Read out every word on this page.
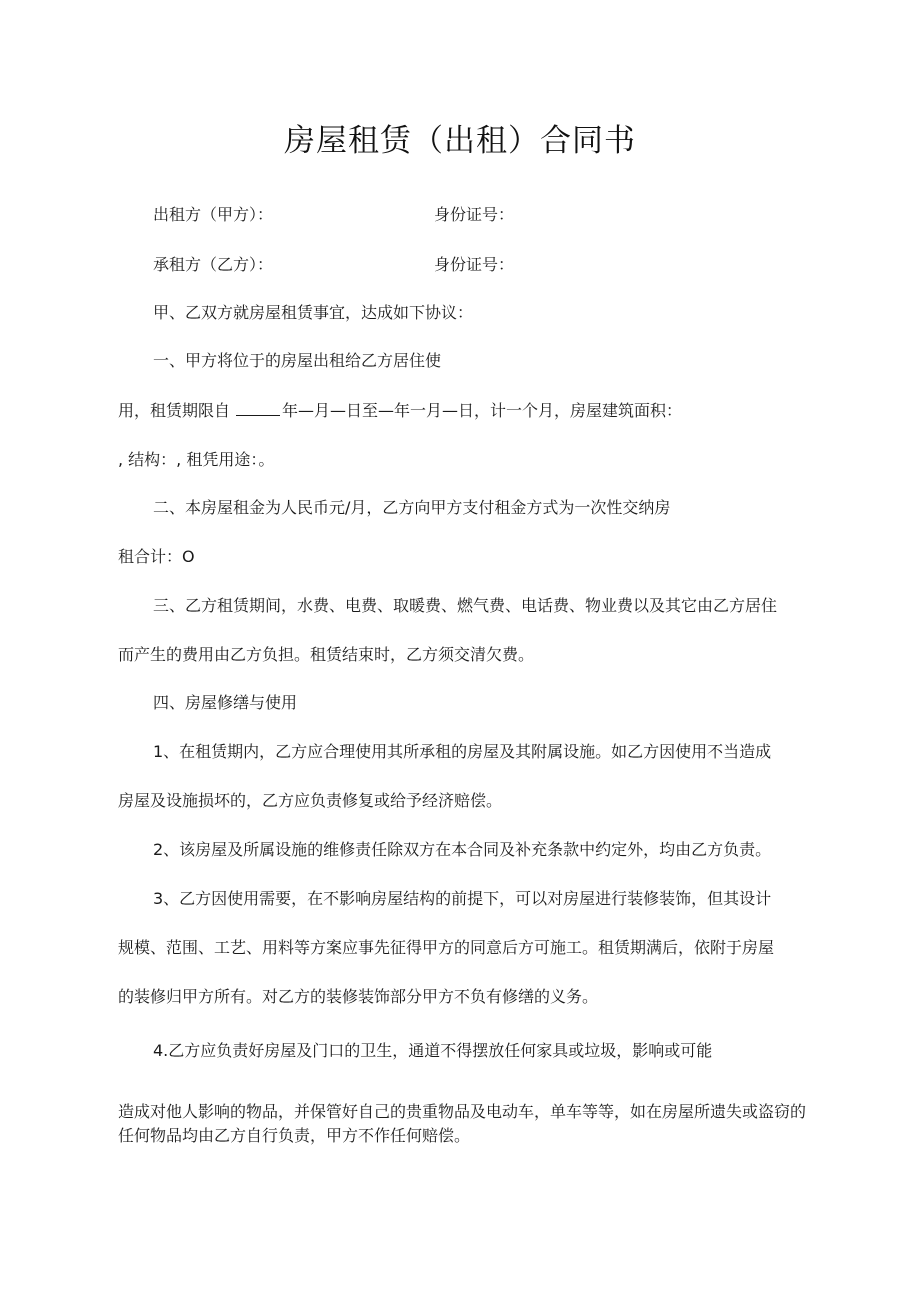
房屋租赁（出租）合同书

出租方（甲方）：	身份证号：

承租方（乙方）：	身份证号：

甲、乙双方就房屋租赁事宜，达成如下协议：

一、甲方将位于的房屋出租给乙方居住使

用，租赁期限自	年—月—日至—年一月—日，计一个月，房屋建筑面积：

, 结构：, 租凭用途：。

二、本房屋租金为人民币元/月，乙方向甲方支付租金方式为一次性交纳房

租合计：O

三、乙方租赁期间，水费、电费、取暖费、燃气费、电话费、物业费以及其它由乙方居住

而产生的费用由乙方负担。租赁结束时，乙方须交清欠费。

四、房屋修缮与使用

1、在租赁期内，乙方应合理使用其所承租的房屋及其附属设施。如乙方因使用不当造成

房屋及设施损坏的，乙方应负责修复或给予经济赔偿。

2、该房屋及所属设施的维修责任除双方在本合同及补充条款中约定外，均由乙方负责。

3、乙方因使用需要，在不影响房屋结构的前提下，可以对房屋进行装修装饰，但其设计

规模、范围、工艺、用料等方案应事先征得甲方的同意后方可施工。租赁期满后，依附于房屋

的装修归甲方所有。对乙方的装修装饰部分甲方不负有修缮的义务。

4.乙方应负责好房屋及门口的卫生，通道不得摆放任何家具或垃圾，影响或可能

造成对他人影响的物品，并保管好自己的贵重物品及电动车，单车等等，如在房屋所遗失或盗窃的任何物品均由乙方自行负责，甲方不作任何赔偿。
